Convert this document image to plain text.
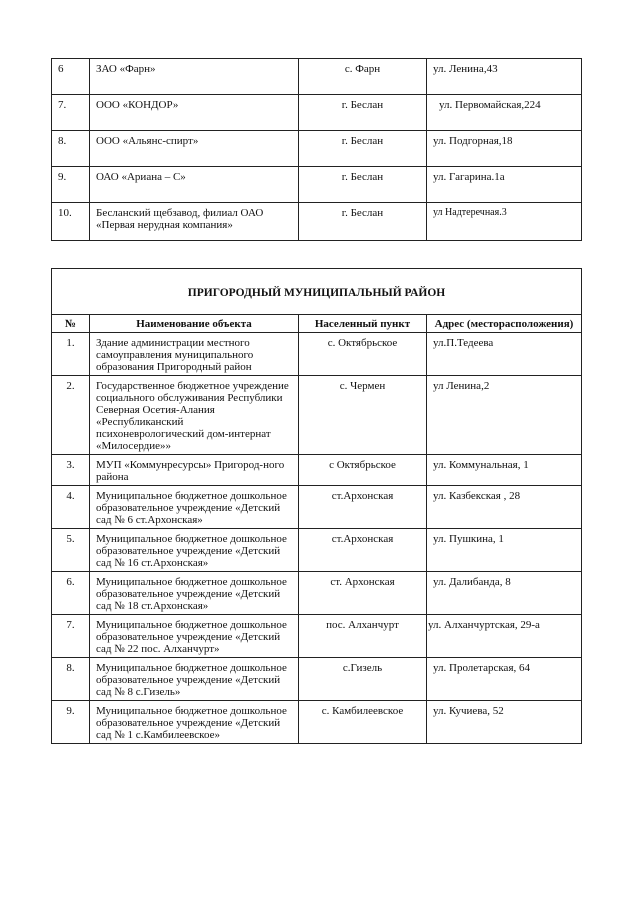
6	ЗАО «Фарн»	с. Фарн	ул. Ленина,43
7.	ООО «КОНДОР»	г. Беслан	ул. Первомайская,224
8.	ООО «Альянс-спирт»	г. Беслан	ул. Подгорная,18
9.	ОАО «Ариана – С»	г. Беслан	ул. Гагарина.1а
10.	Бесланский щебзавод, филиал ОАО «Первая нерудная компания»	г. Беслан	ул Надтеречная.3
ПРИГОРОДНЫЙ МУНИЦИПАЛЬНЫЙ РАЙОН			
№	Наименование объекта	Населенный пункт	Адрес (месторасположения)
1.	Здание администрации местного самоуправления муниципального образования Пригородный район	с. Октябрьское	ул.П.Тедеева
2.	Государственное бюджетное учреждение социального обслуживания Республики Северная Осетия-Алания «Республиканский психоневрологический дом-интернат «Милосердие»»	с. Чермен	ул Ленина,2
3.	МУП «Коммунресурсы» Пригород-ного района	с Октябрьское	ул. Коммунальная, 1
4.	Муниципальное бюджетное дошкольное образовательное учреждение «Детский сад № 6 ст.Архонская»	ст.Архонская	ул. Казбекская , 28
5.	Муниципальное бюджетное дошкольное образовательное учреждение «Детский сад № 16 ст.Архонская»	ст.Архонская	ул. Пушкина, 1
6.	Муниципальное бюджетное дошкольное образовательное учреждение «Детский сад № 18 ст.Архонская»	ст. Архонская	ул. Далибанда, 8
7.	Муниципальное бюджетное дошкольное образовательное учреждение «Детский сад № 22 пос. Алханчурт»	пос. Алханчурт	ул. Алханчуртская, 29-а
8.	Муниципальное бюджетное дошкольное образовательное учреждение «Детский сад № 8 с.Гизель»	с.Гизель	ул. Пролетарская, 64
9.	Муниципальное бюджетное дошкольное образовательное учреждение «Детский сад № 1 с.Камбилеевское»	с. Камбилеевское	ул. Кучиева, 52
